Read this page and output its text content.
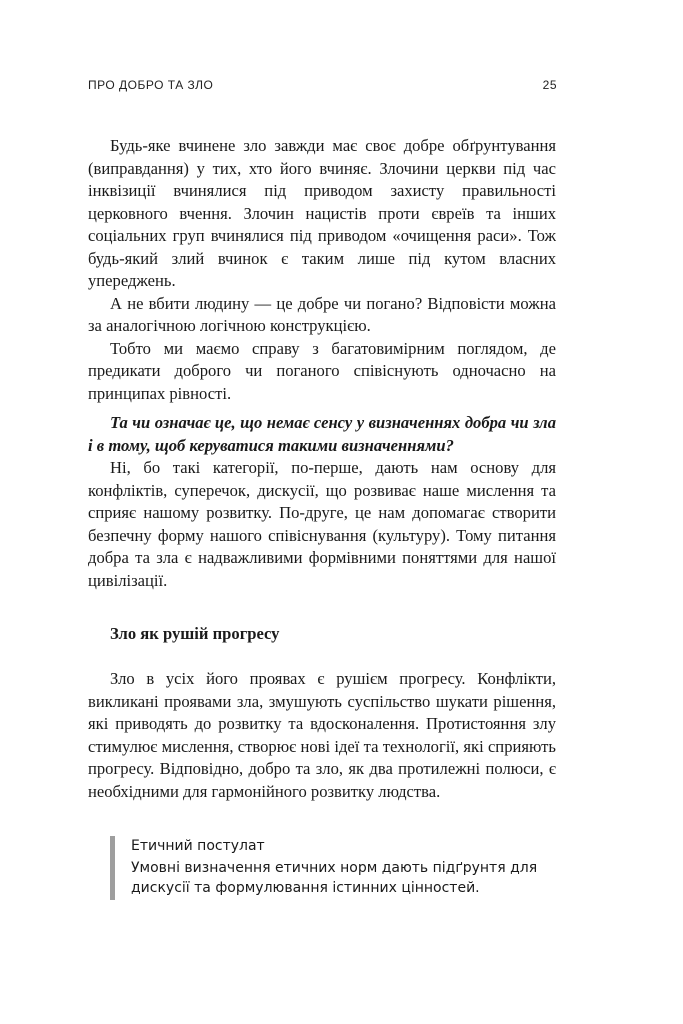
ПРО ДОБРО ТА ЗЛО	25

Будь-яке вчинене зло завжди має своє добре обґрунтування (виправдання) у тих, хто його вчиняє. Злочини церкви під час інквізиції вчинялися під приводом захисту правильності церковного вчення. Злочин нацистів проти євреїв та інших соціальних груп вчинялися під приводом «очищення раси». Тож будь-який злий вчинок є таким лише під кутом власних упереджень.

А не вбити людину — це добре чи погано? Відповісти можна за аналогічною логічною конструкцією.

Тобто ми маємо справу з багатовимірним поглядом, де предикати доброго чи поганого співіснують одночасно на принципах рівності.

Та чи означає це, що немає сенсу у визначеннях добра чи зла і в тому, щоб керуватися такими визначеннями?

Ні, бо такі категорії, по-перше, дають нам основу для конфліктів, суперечок, дискусії, що розвиває наше мислення та сприяє нашому розвитку. По-друге, це нам допомагає створити безпечну форму нашого співіснування (культуру). Тому питання добра та зла є надважливими формівними поняттями для нашої цивілізації.

Зло як рушій прогресу

Зло в усіх його проявах є рушієм прогресу. Конфлікти, викликані проявами зла, змушують суспільство шукати рішення, які приводять до розвитку та вдосконалення. Протистояння злу стимулює мислення, створює нові ідеї та технології, які сприяють прогресу. Відповідно, добро та зло, як два протилежні полюси, є необхідними для гармонійного розвитку людства.

Етичний постулат
Умовні визначення етичних норм дають підґрунтя для дискусії та формулювання істинних цінностей.
